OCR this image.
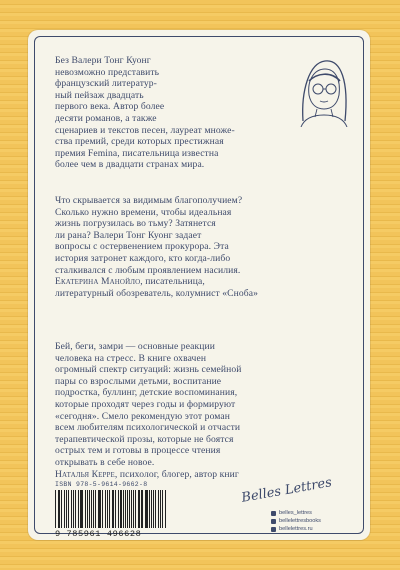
Без Валери Тонг Куонг
невозможно представить
французский литератур-
ный пейзаж двадцать
первого века. Автор более
десяти романов, а также
сценариев и текстов песен, лауреат множе-
ства премий, среди которых престижная
премия Femina, писательница известна
более чем в двадцати странах мира.
Что скрывается за видимым благополучием?
Сколько нужно времени, чтобы идеальная
жизнь погрузилась во тьму? Затянется
ли рана? Валери Тонг Куонг задает
вопросы с остервенением прокурора. Эта
история затронет каждого, кто когда-либо
сталкивался с любым проявлением насилия.
Екатерина Манойло, писательница,
литературный обозреватель, колумнист «Сноба»
Бей, беги, замри — основные реакции
человека на стресс. В книге охвачен
огромный спектр ситуаций: жизнь семейной
пары со взрослыми детьми, воспитание
подростка, буллинг, детские воспоминания,
которые проходят через годы и формируют
«сегодня». Смело рекомендую этот роман
всем любителям психологической и отчасти
терапевтической прозы, которые не боятся
острых тем и готовы в процессе чтения
открывать в себе новое.
Наталья Керре, психолог, блогер, автор книг
ISBN 978-5-9614-9662-8
9 785961 496628
Belles Lettres
belles_lettres
bellelettresbooks
bellelettres.ru
